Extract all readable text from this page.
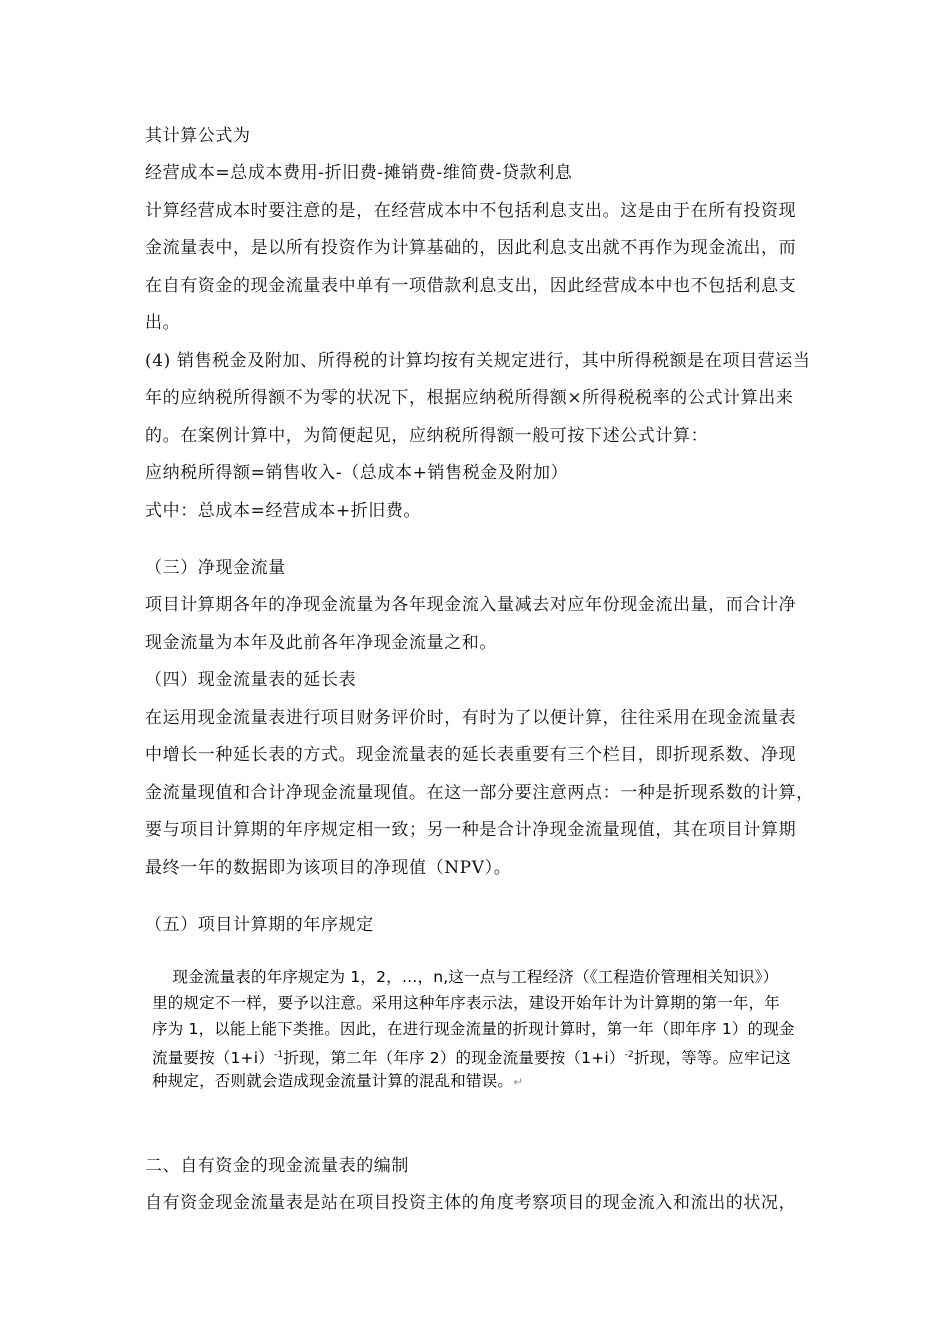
其计算公式为
经营成本=总成本费用-折旧费-摊销费-维简费-贷款利息
计算经营成本时要注意的是，在经营成本中不包括利息支出。这是由于在所有投资现
金流量表中，是以所有投资作为计算基础的，因此利息支出就不再作为现金流出，而
在自有资金的现金流量表中单有一项借款利息支出，因此经营成本中也不包括利息支
出。
(4) 销售税金及附加、所得税的计算均按有关规定进行，其中所得税额是在项目营运当
年的应纳税所得额不为零的状况下，根据应纳税所得额×所得税税率的公式计算出来
的。在案例计算中，为简便起见，应纳税所得额一般可按下述公式计算：
应纳税所得额=销售收入-（总成本+销售税金及附加）
式中：总成本=经营成本+折旧费。
（三）净现金流量
项目计算期各年的净现金流量为各年现金流入量减去对应年份现金流出量，而合计净
现金流量为本年及此前各年净现金流量之和。
（四）现金流量表的延长表
在运用现金流量表进行项目财务评价时，有时为了以便计算，往往采用在现金流量表
中增长一种延长表的方式。现金流量表的延长表重要有三个栏目，即折现系数、净现
金流量现值和合计净现金流量现值。在这一部分要注意两点：一种是折现系数的计算，
要与项目计算期的年序规定相一致；另一种是合计净现金流量现值，其在项目计算期
最终一年的数据即为该项目的净现值（NPV）。
（五）项目计算期的年序规定
现金流量表的年序规定为 1，2，…，n,这一点与工程经济（《工程造价管理相关知识》）
里的规定不一样，要予以注意。采用这种年序表示法，建设开始年计为计算期的第一年，年
序为 1，以能上能下类推。因此，在进行现金流量的折现计算时，第一年（即年序 1）的现金
流量要按$(1+i)^{-1}$折现，第二年（年序 2）的现金流量要按$(1+i)^{-2}$折现，等等。应牢记这
种规定，否则就会造成现金流量计算的混乱和错误。↵
二、自有资金的现金流量表的编制
自有资金现金流量表是站在项目投资主体的角度考察项目的现金流入和流出的状况，
